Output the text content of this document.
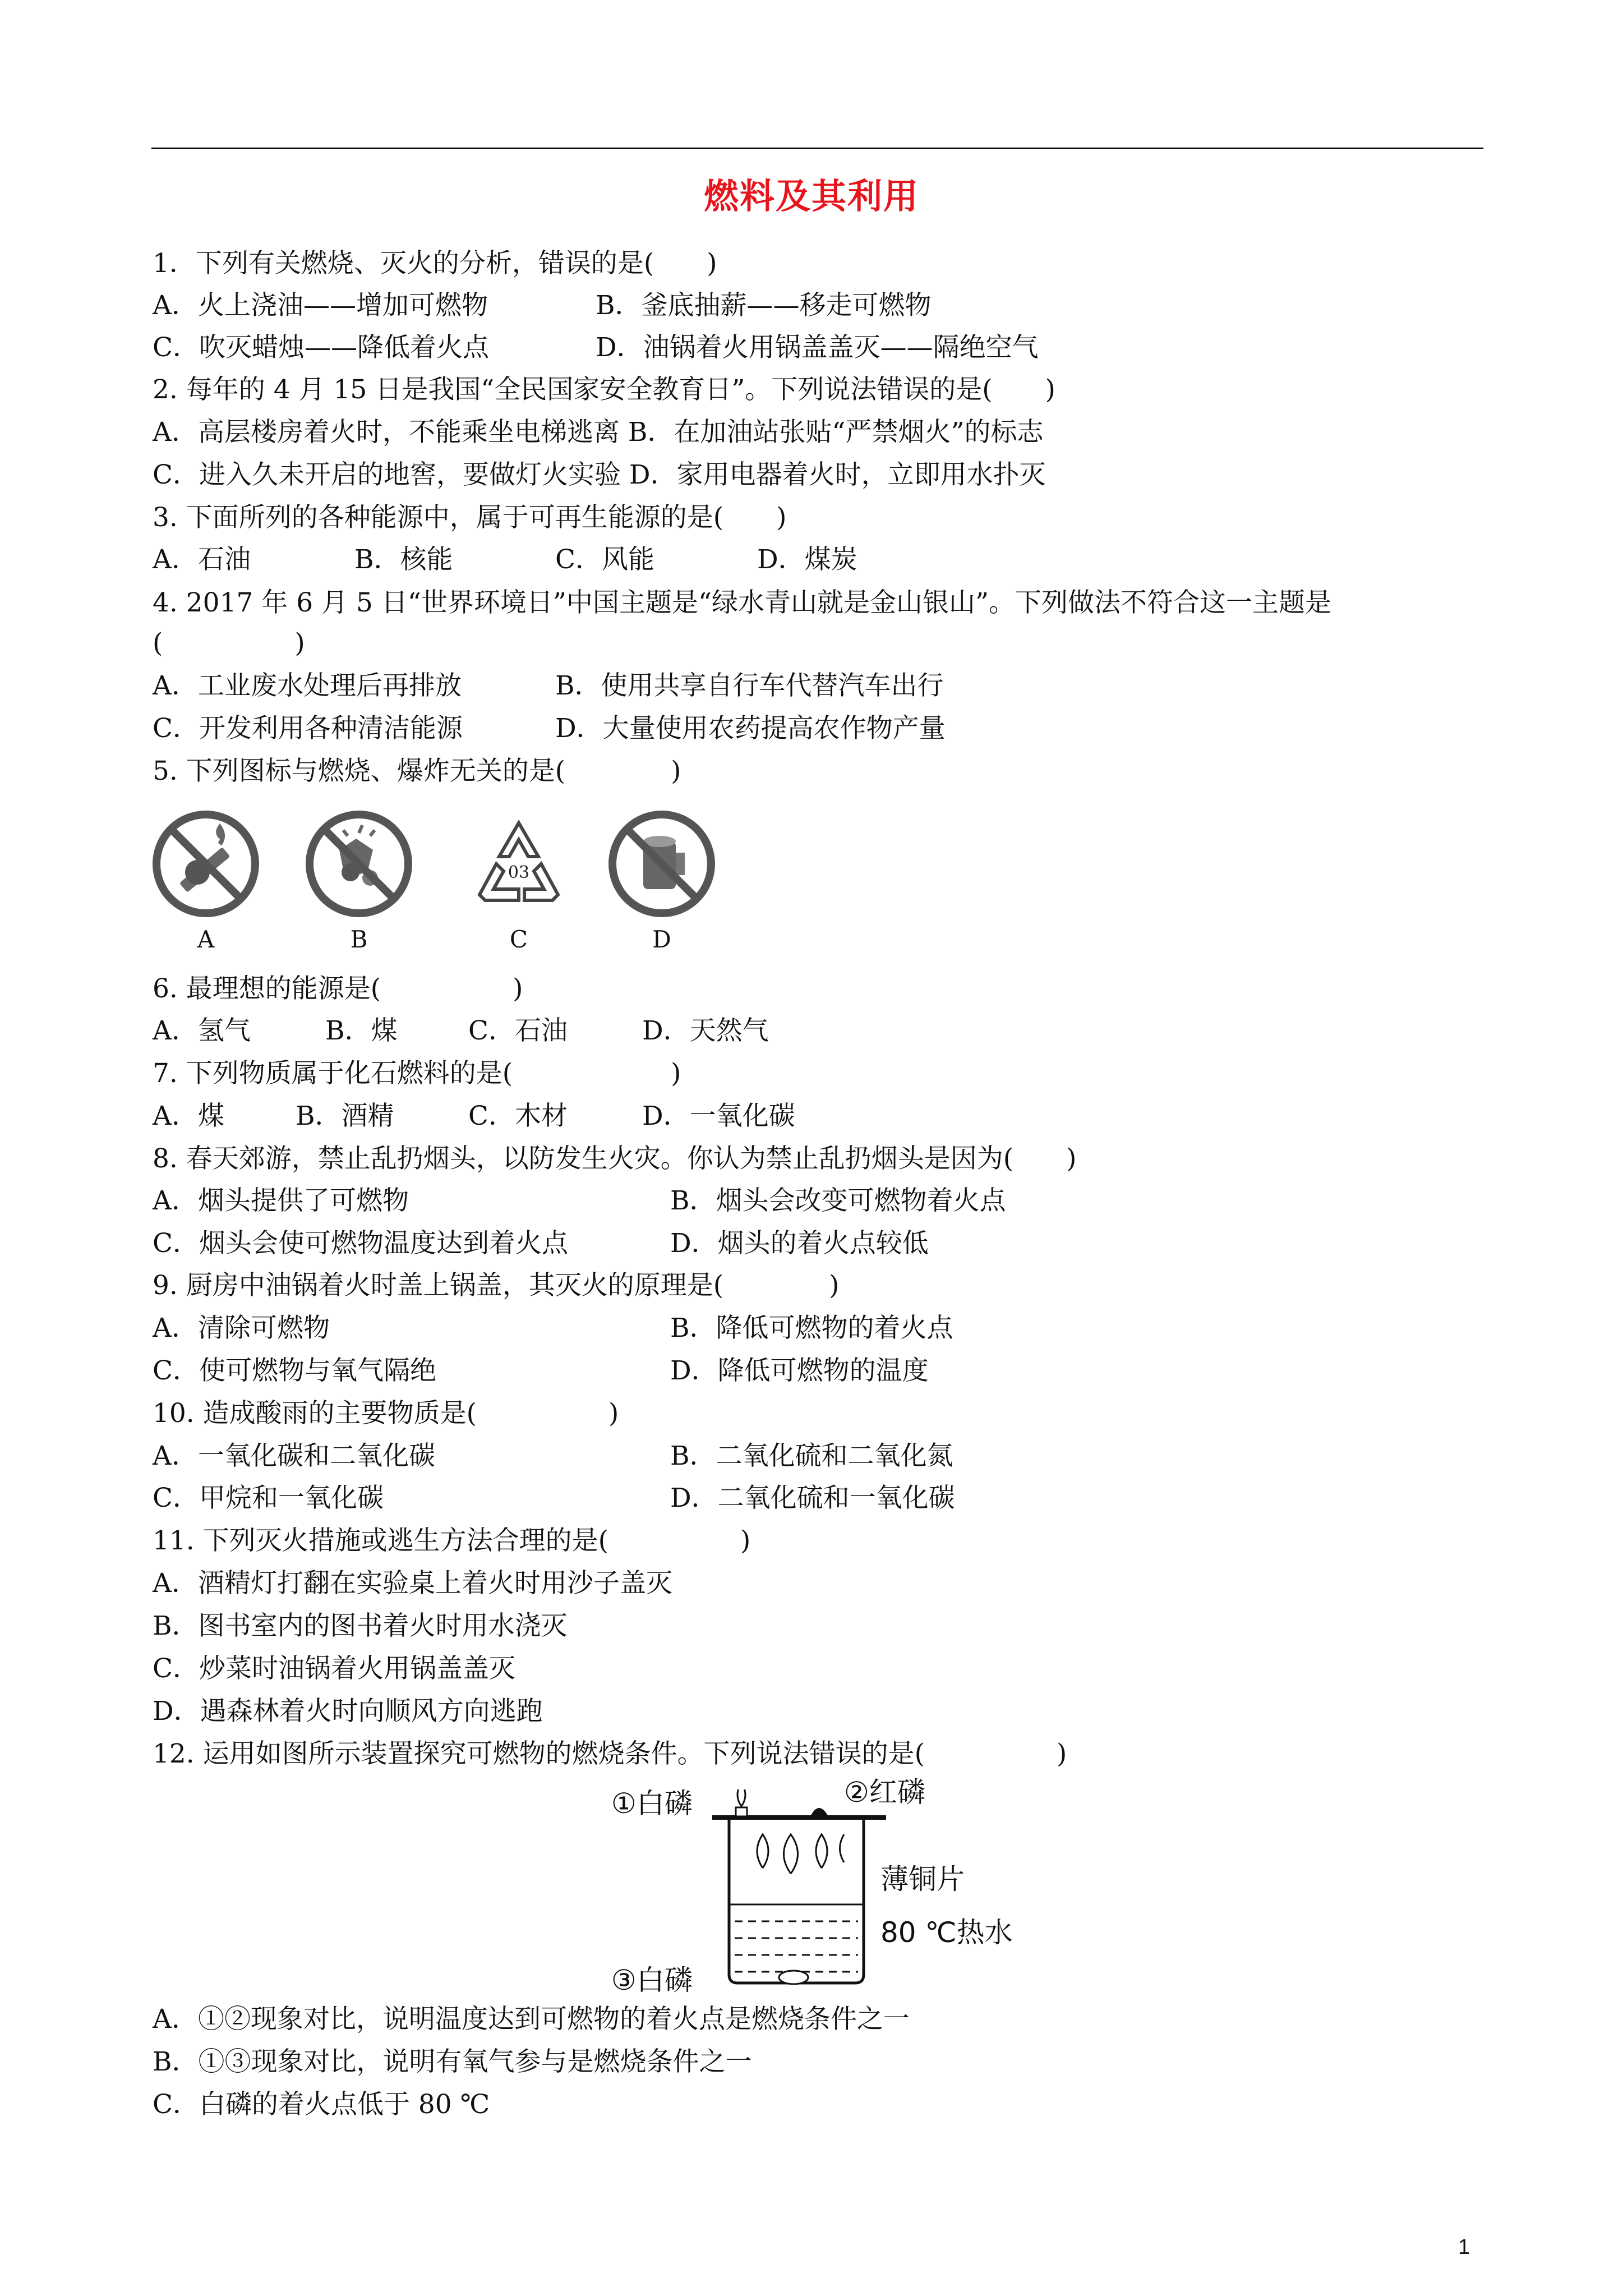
燃料及其利用
1．下列有关燃烧、灭火的分析，错误的是(　　)
A．火上浇油——增加可燃物	B．釜底抽薪——移走可燃物
C．吹灭蜡烛——降低着火点	D．油锅着火用锅盖盖灭——隔绝空气
2. 每年的 4 月 15 日是我国“全民国家安全教育日”。下列说法错误的是(　　)
A．高层楼房着火时，不能乘坐电梯逃离 B．在加油站张贴“严禁烟火”的标志
C．进入久未开启的地窖，要做灯火实验 D．家用电器着火时，立即用水扑灭
3. 下面所列的各种能源中，属于可再生能源的是(　　)
A．石油	B．核能	C．风能	D．煤炭
4. 2017 年 6 月 5 日“世界环境日”中国主题是“绿水青山就是金山银山”。下列做法不符合这一主题是
(　　　　　)
A．工业废水处理后再排放	B．使用共享自行车代替汽车出行
C．开发利用各种清洁能源	D．大量使用农药提高农作物产量
5. 下列图标与燃烧、爆炸无关的是(　　　　)
A	B
03
C	D
6. 最理想的能源是(　　　　　)
A．氢气	B．煤	C．石油	D．天然气
7. 下列物质属于化石燃料的是(　　　　　　)
A．煤	B．酒精	C．木材	D．一氧化碳
8. 春天郊游，禁止乱扔烟头，以防发生火灾。你认为禁止乱扔烟头是因为(　　)
A．烟头提供了可燃物	B．烟头会改变可燃物着火点
C．烟头会使可燃物温度达到着火点	D．烟头的着火点较低
9. 厨房中油锅着火时盖上锅盖，其灭火的原理是(　　　　)
A．清除可燃物	B．降低可燃物的着火点
C．使可燃物与氧气隔绝	D．降低可燃物的温度
10. 造成酸雨的主要物质是(　　　　　)
A．一氧化碳和二氧化碳	B．二氧化硫和二氧化氮
C．甲烷和一氧化碳	D．二氧化硫和一氧化碳
11. 下列灭火措施或逃生方法合理的是(　　　　　)
A．酒精灯打翻在实验桌上着火时用沙子盖灭
B．图书室内的图书着火时用水浇灭
C．炒菜时油锅着火用锅盖盖灭
D．遇森林着火时向顺风方向逃跑
12. 运用如图所示装置探究可燃物的燃烧条件。下列说法错误的是(　　　　　)
①白磷	②红磷
薄铜片
80 ℃热水
③白磷
A．①②现象对比，说明温度达到可燃物的着火点是燃烧条件之一
B．①③现象对比，说明有氧气参与是燃烧条件之一
C．白磷的着火点低于 80 ℃
1
